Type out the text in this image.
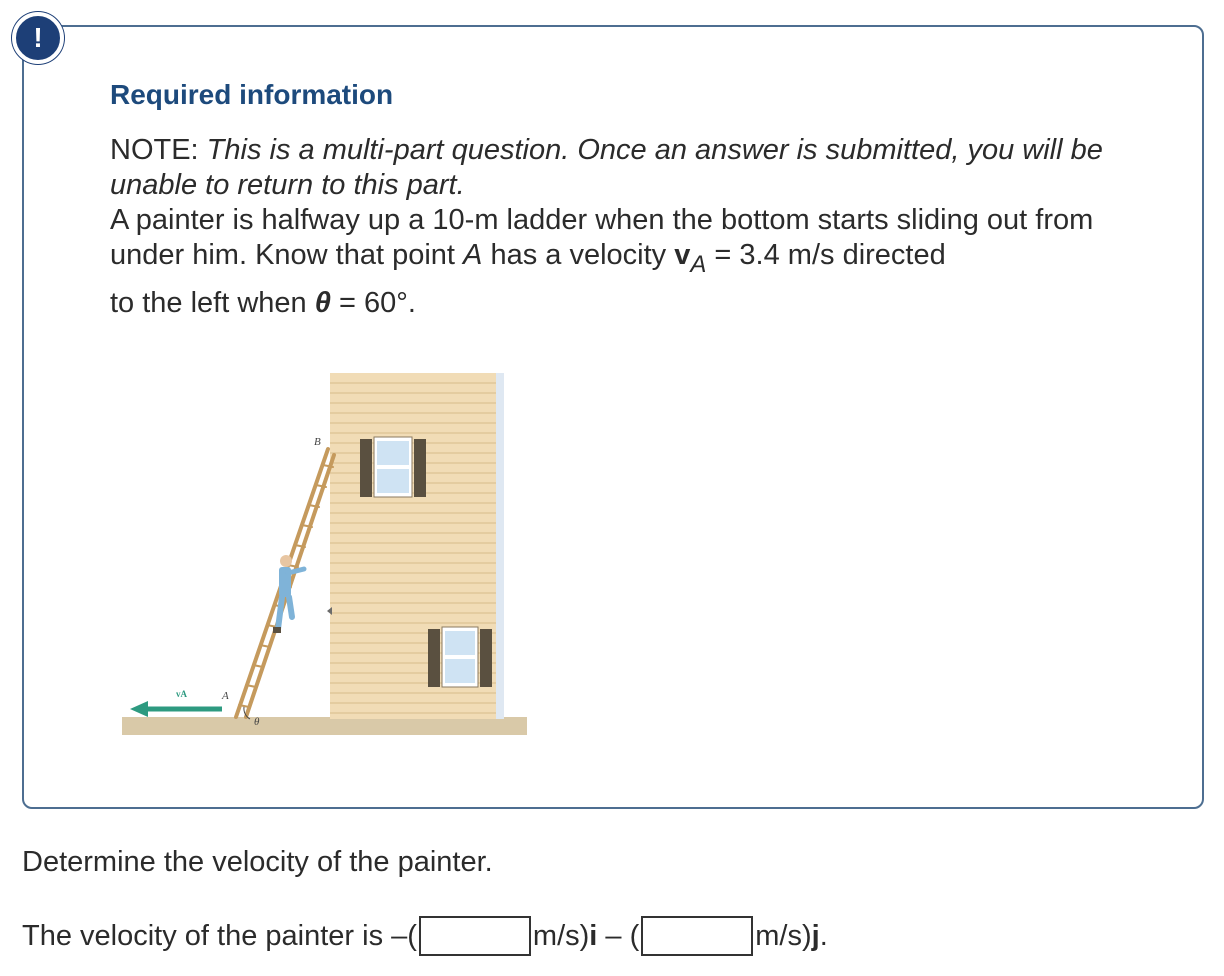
!
Required information
NOTE: This is a multi-part question. Once an answer is submitted, you will be unable to return to this part.
A painter is halfway up a 10-m ladder when the bottom starts sliding out from under him. Know that point A has a velocity $v_A = 3.4$ m/s directed
to the left when θ = 60°.
B
A
θ
vA
Determine the velocity of the painter.
The velocity of the painter is –(	m/s) i – (	m/s) j .
